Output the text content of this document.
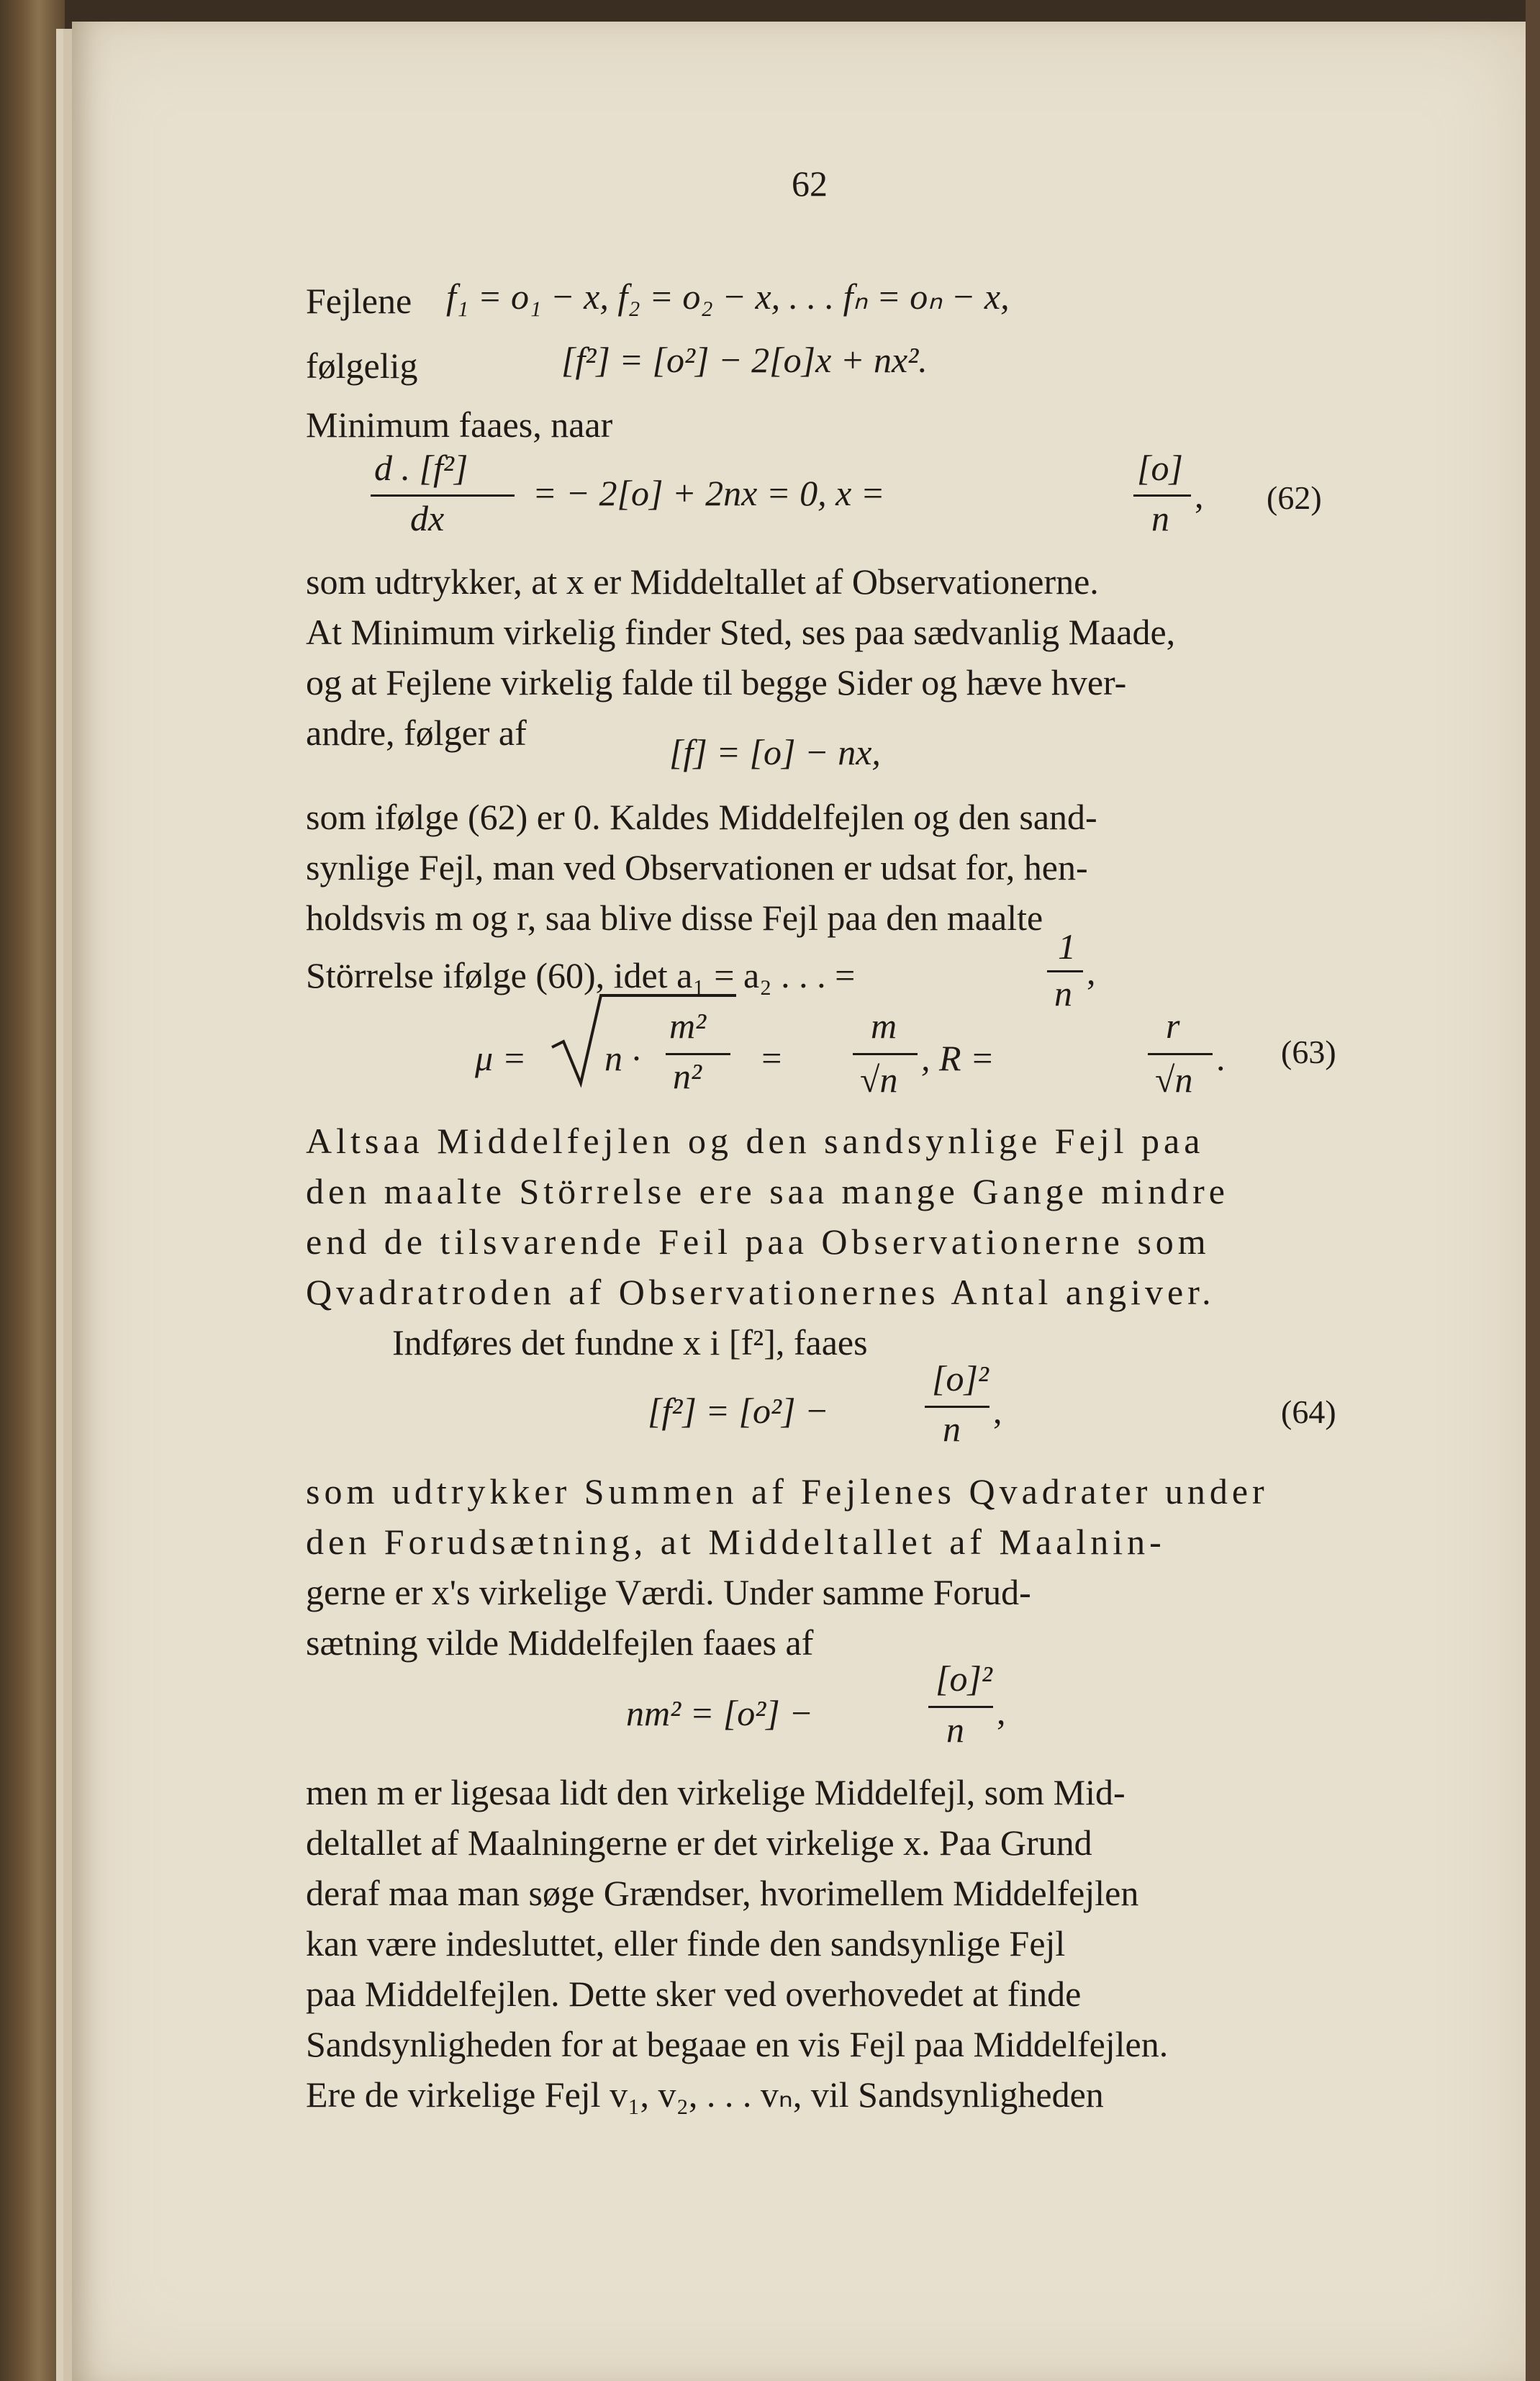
62
Fejlene f₁ = o₁ − x, f₂ = o₂ − x, . . . fₙ = oₙ − x,
følgelig	[f²] = [o²] − 2[o]x + nx².
Minimum faaes, naar
d . [f²]
dx
= − 2[o] + 2nx = 0, x =
[o]
n
, (62)
som udtrykker, at x er Middeltallet af Observationerne.
At Minimum virkelig finder Sted, ses paa sædvanlig Maade,
og at Fejlene virkelig falde til begge Sider og hæve hver-
andre, følger af	[f] = [o] − nx,
som ifølge (62) er 0. Kaldes Middelfejlen og den sand-
synlige Fejl, man ved Observationen er udsat for, hen-
holdsvis m og r, saa blive disse Fejl paa den maalte
Störrelse ifølge (60), idet a₁ = a₂ . . . =
1
n
,
μ = n ·
m²
n² =
m
√n
, R =
r
√n
. (63)
Altsaa Middelfejlen og den sandsynlige Fejl paa
den maalte Störrelse ere saa mange Gange mindre
end de tilsvarende Feil paa Observationerne som
Qvadratroden af Observationernes Antal angiver.
Indføres det fundne x i [f²], faaes
[f²] = [o²] −
[o]²
n ,	(64)
som udtrykker Summen af Fejlenes Qvadrater under
den Forudsætning, at Middeltallet af Maalnin-
gerne er x's virkelige Værdi. Under samme Forud-
sætning vilde Middelfejlen faaes af
nm² = [o²] −
[o]²
n ,
men m er ligesaa lidt den virkelige Middelfejl, som Mid-
deltallet af Maalningerne er det virkelige x. Paa Grund
deraf maa man søge Grændser, hvorimellem Middelfejlen
kan være indesluttet, eller finde den sandsynlige Fejl
paa Middelfejlen. Dette sker ved overhovedet at finde
Sandsynligheden for at begaae en vis Fejl paa Middelfejlen.
Ere de virkelige Fejl v₁, v₂, . . . vₙ, vil Sandsynligheden
